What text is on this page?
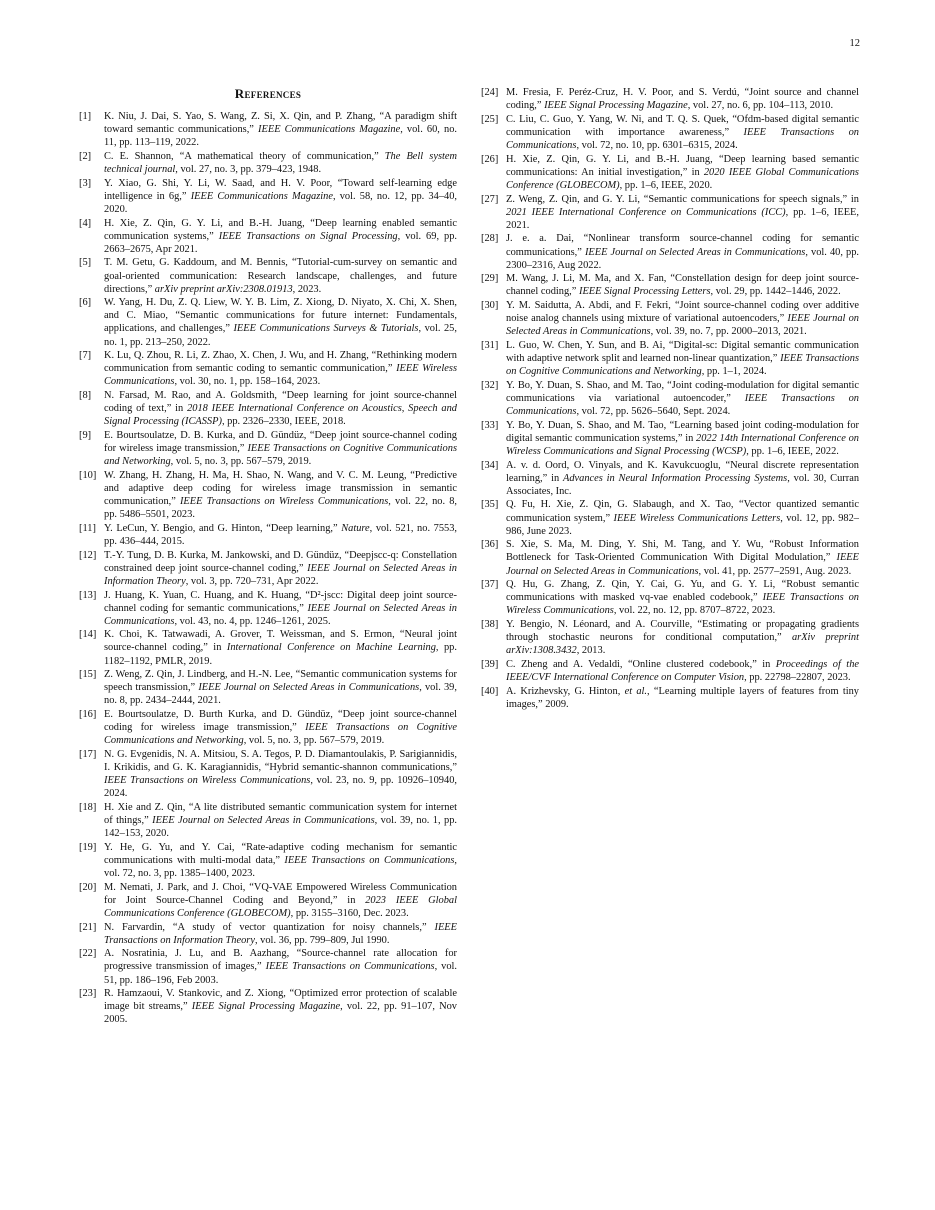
12
References
[1] K. Niu, J. Dai, S. Yao, S. Wang, Z. Si, X. Qin, and P. Zhang, “A paradigm shift toward semantic communications,” IEEE Communications Magazine, vol. 60, no. 11, pp. 113–119, 2022.
[2] C. E. Shannon, “A mathematical theory of communication,” The Bell system technical journal, vol. 27, no. 3, pp. 379–423, 1948.
[3] Y. Xiao, G. Shi, Y. Li, W. Saad, and H. V. Poor, “Toward self-learning edge intelligence in 6g,” IEEE Communications Magazine, vol. 58, no. 12, pp. 34–40, 2020.
[4] H. Xie, Z. Qin, G. Y. Li, and B.-H. Juang, “Deep learning enabled semantic communication systems,” IEEE Transactions on Signal Processing, vol. 69, pp. 2663–2675, Apr 2021.
[5] T. M. Getu, G. Kaddoum, and M. Bennis, “Tutorial-cum-survey on semantic and goal-oriented communication: Research landscape, challenges, and future directions,” arXiv preprint arXiv:2308.01913, 2023.
[6] W. Yang, H. Du, Z. Q. Liew, W. Y. B. Lim, Z. Xiong, D. Niyato, X. Chi, X. Shen, and C. Miao, “Semantic communications for future internet: Fundamentals, applications, and challenges,” IEEE Communications Surveys & Tutorials, vol. 25, no. 1, pp. 213–250, 2022.
[7] K. Lu, Q. Zhou, R. Li, Z. Zhao, X. Chen, J. Wu, and H. Zhang, “Rethinking modern communication from semantic coding to semantic communication,” IEEE Wireless Communications, vol. 30, no. 1, pp. 158–164, 2023.
[8] N. Farsad, M. Rao, and A. Goldsmith, “Deep learning for joint source-channel coding of text,” in 2018 IEEE International Conference on Acoustics, Speech and Signal Processing (ICASSP), pp. 2326–2330, IEEE, 2018.
[9] E. Bourtsoulatze, D. B. Kurka, and D. Gündüz, “Deep joint source-channel coding for wireless image transmission,” IEEE Transactions on Cognitive Communications and Networking, vol. 5, no. 3, pp. 567–579, 2019.
[10] W. Zhang, H. Zhang, H. Ma, H. Shao, N. Wang, and V. C. M. Leung, “Predictive and adaptive deep coding for wireless image transmission in semantic communication,” IEEE Transactions on Wireless Communications, vol. 22, no. 8, pp. 5486–5501, 2023.
[11] Y. LeCun, Y. Bengio, and G. Hinton, “Deep learning,” Nature, vol. 521, no. 7553, pp. 436–444, 2015.
[12] T.-Y. Tung, D. B. Kurka, M. Jankowski, and D. Gündüz, “Deepjscc-q: Constellation constrained deep joint source-channel coding,” IEEE Journal on Selected Areas in Information Theory, vol. 3, pp. 720–731, Apr 2022.
[13] J. Huang, K. Yuan, C. Huang, and K. Huang, “D²-jscc: Digital deep joint source-channel coding for semantic communications,” IEEE Journal on Selected Areas in Communications, vol. 43, no. 4, pp. 1246–1261, 2025.
[14] K. Choi, K. Tatwawadi, A. Grover, T. Weissman, and S. Ermon, “Neural joint source-channel coding,” in International Conference on Machine Learning, pp. 1182–1192, PMLR, 2019.
[15] Z. Weng, Z. Qin, J. Lindberg, and H.-N. Lee, “Semantic communication systems for speech transmission,” IEEE Journal on Selected Areas in Communications, vol. 39, no. 8, pp. 2434–2444, 2021.
[16] E. Bourtsoulatze, D. Burth Kurka, and D. Gündüz, “Deep joint source-channel coding for wireless image transmission,” IEEE Transactions on Cognitive Communications and Networking, vol. 5, no. 3, pp. 567–579, 2019.
[17] N. G. Evgenidis, N. A. Mitsiou, S. A. Tegos, P. D. Diamantoulakis, P. Sarigiannidis, I. Krikidis, and G. K. Karagiannidis, “Hybrid semantic-shannon communications,” IEEE Transactions on Wireless Communications, vol. 23, no. 9, pp. 10926–10940, 2024.
[18] H. Xie and Z. Qin, “A lite distributed semantic communication system for internet of things,” IEEE Journal on Selected Areas in Communications, vol. 39, no. 1, pp. 142–153, 2020.
[19] Y. He, G. Yu, and Y. Cai, “Rate-adaptive coding mechanism for semantic communications with multi-modal data,” IEEE Transactions on Communications, vol. 72, no. 3, pp. 1385–1400, 2023.
[20] M. Nemati, J. Park, and J. Choi, “VQ-VAE Empowered Wireless Communication for Joint Source-Channel Coding and Beyond,” in 2023 IEEE Global Communications Conference (GLOBECOM), pp. 3155–3160, Dec. 2023.
[21] N. Farvardin, “A study of vector quantization for noisy channels,” IEEE Transactions on Information Theory, vol. 36, pp. 799–809, Jul 1990.
[22] A. Nosratinia, J. Lu, and B. Aazhang, “Source-channel rate allocation for progressive transmission of images,” IEEE Transactions on Communications, vol. 51, pp. 186–196, Feb 2003.
[23] R. Hamzaoui, V. Stankovic, and Z. Xiong, “Optimized error protection of scalable image bit streams,” IEEE Signal Processing Magazine, vol. 22, pp. 91–107, Nov 2005.
[24] M. Fresia, F. Peréz-Cruz, H. V. Poor, and S. Verdú, “Joint source and channel coding,” IEEE Signal Processing Magazine, vol. 27, no. 6, pp. 104–113, 2010.
[25] C. Liu, C. Guo, Y. Yang, W. Ni, and T. Q. S. Quek, “Ofdm-based digital semantic communication with importance awareness,” IEEE Transactions on Communications, vol. 72, no. 10, pp. 6301–6315, 2024.
[26] H. Xie, Z. Qin, G. Y. Li, and B.-H. Juang, “Deep learning based semantic communications: An initial investigation,” in 2020 IEEE Global Communications Conference (GLOBECOM), pp. 1–6, IEEE, 2020.
[27] Z. Weng, Z. Qin, and G. Y. Li, “Semantic communications for speech signals,” in 2021 IEEE International Conference on Communications (ICC), pp. 1–6, IEEE, 2021.
[28] J. e. a. Dai, “Nonlinear transform source-channel coding for semantic communications,” IEEE Journal on Selected Areas in Communications, vol. 40, pp. 2300–2316, Aug 2022.
[29] M. Wang, J. Li, M. Ma, and X. Fan, “Constellation design for deep joint source-channel coding,” IEEE Signal Processing Letters, vol. 29, pp. 1442–1446, 2022.
[30] Y. M. Saidutta, A. Abdi, and F. Fekri, “Joint source-channel coding over additive noise analog channels using mixture of variational autoencoders,” IEEE Journal on Selected Areas in Communications, vol. 39, no. 7, pp. 2000–2013, 2021.
[31] L. Guo, W. Chen, Y. Sun, and B. Ai, “Digital-sc: Digital semantic communication with adaptive network split and learned non-linear quantization,” IEEE Transactions on Cognitive Communications and Networking, pp. 1–1, 2024.
[32] Y. Bo, Y. Duan, S. Shao, and M. Tao, “Joint coding-modulation for digital semantic communications via variational autoencoder,” IEEE Transactions on Communications, vol. 72, pp. 5626–5640, Sept. 2024.
[33] Y. Bo, Y. Duan, S. Shao, and M. Tao, “Learning based joint coding-modulation for digital semantic communication systems,” in 2022 14th International Conference on Wireless Communications and Signal Processing (WCSP), pp. 1–6, IEEE, 2022.
[34] A. v. d. Oord, O. Vinyals, and K. Kavukcuoglu, “Neural discrete representation learning,” in Advances in Neural Information Processing Systems, vol. 30, Curran Associates, Inc.
[35] Q. Fu, H. Xie, Z. Qin, G. Slabaugh, and X. Tao, “Vector quantized semantic communication system,” IEEE Wireless Communications Letters, vol. 12, pp. 982–986, June 2023.
[36] S. Xie, S. Ma, M. Ding, Y. Shi, M. Tang, and Y. Wu, “Robust Information Bottleneck for Task-Oriented Communication With Digital Modulation,” IEEE Journal on Selected Areas in Communications, vol. 41, pp. 2577–2591, Aug. 2023.
[37] Q. Hu, G. Zhang, Z. Qin, Y. Cai, G. Yu, and G. Y. Li, “Robust semantic communications with masked vq-vae enabled codebook,” IEEE Transactions on Wireless Communications, vol. 22, no. 12, pp. 8707–8722, 2023.
[38] Y. Bengio, N. Léonard, and A. Courville, “Estimating or propagating gradients through stochastic neurons for conditional computation,” arXiv preprint arXiv:1308.3432, 2013.
[39] C. Zheng and A. Vedaldi, “Online clustered codebook,” in Proceedings of the IEEE/CVF International Conference on Computer Vision, pp. 22798–22807, 2023.
[40] A. Krizhevsky, G. Hinton, et al., “Learning multiple layers of features from tiny images,” 2009.
